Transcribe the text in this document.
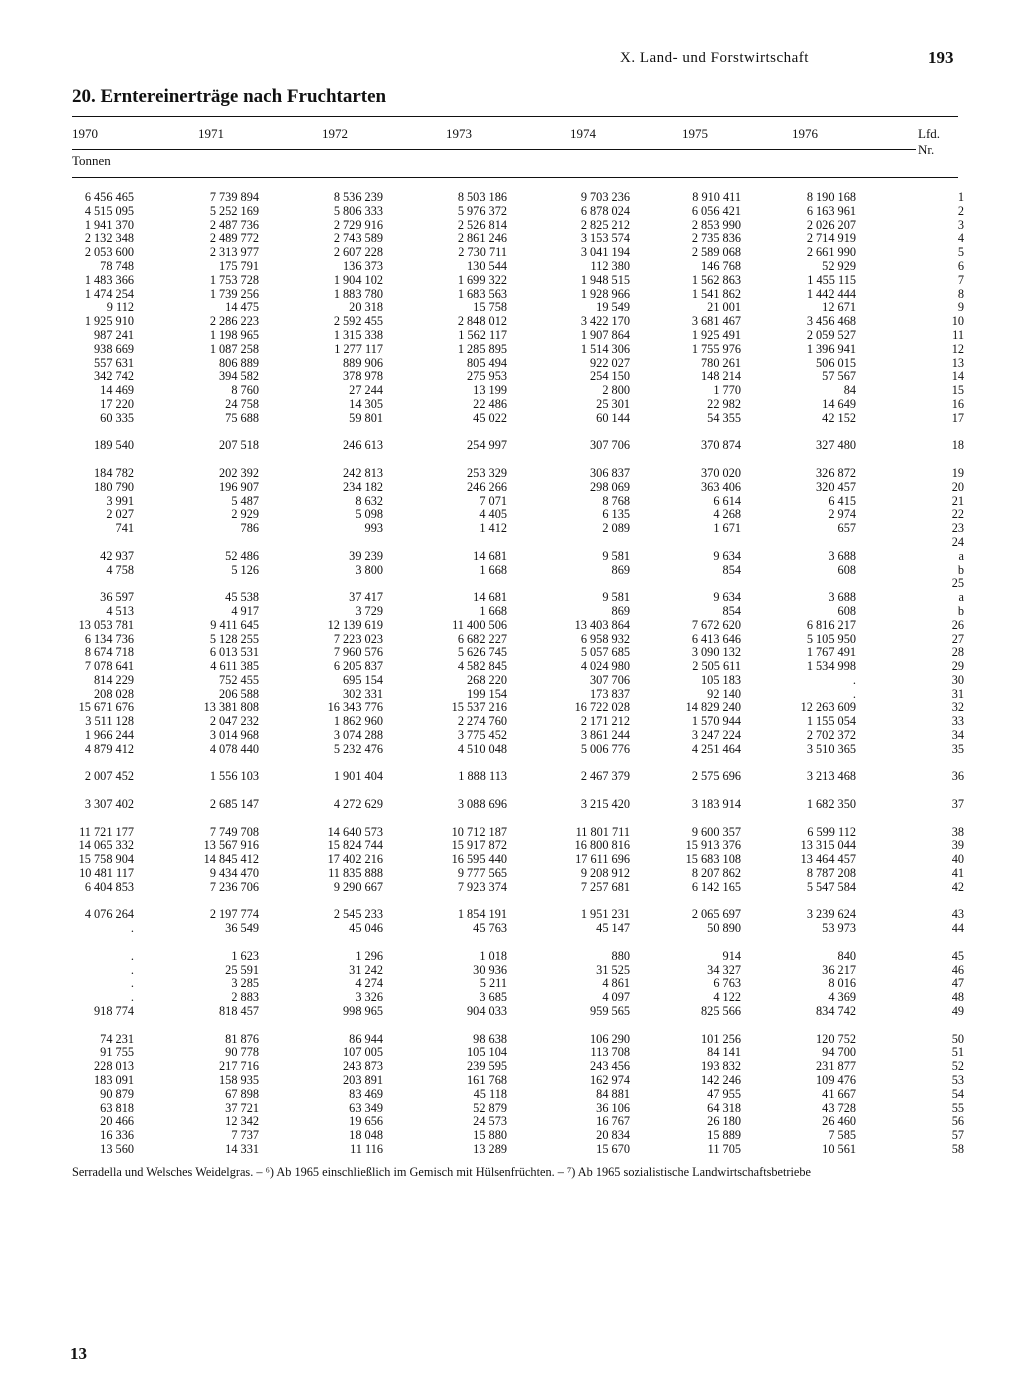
X. Land- und Forstwirtschaft	193
20. Erntereinerträge nach Fruchtarten
1970	1971	1972	1973	1974	1975	1976	Lfd.
Nr.
Tonnen
6 456 465	7 739 894	8 536 239	8 503 186	9 703 236	8 910 411	8 190 168	1
4 515 095	5 252 169	5 806 333	5 976 372	6 878 024	6 056 421	6 163 961	2
1 941 370	2 487 736	2 729 916	2 526 814	2 825 212	2 853 990	2 026 207	3
2 132 348	2 489 772	2 743 589	2 861 246	3 153 574	2 735 836	2 714 919	4
2 053 600	2 313 977	2 607 228	2 730 711	3 041 194	2 589 068	2 661 990	5
78 748	175 791	136 373	130 544	112 380	146 768	52 929	6
1 483 366	1 753 728	1 904 102	1 699 322	1 948 515	1 562 863	1 455 115	7
1 474 254	1 739 256	1 883 780	1 683 563	1 928 966	1 541 862	1 442 444	8
9 112	14 475	20 318	15 758	19 549	21 001	12 671	9
1 925 910	2 286 223	2 592 455	2 848 012	3 422 170	3 681 467	3 456 468	10
987 241	1 198 965	1 315 338	1 562 117	1 907 864	1 925 491	2 059 527	11
938 669	1 087 258	1 277 117	1 285 895	1 514 306	1 755 976	1 396 941	12
557 631	806 889	889 906	805 494	922 027	780 261	506 015	13
342 742	394 582	378 978	275 953	254 150	148 214	57 567	14
14 469	8 760	27 244	13 199	2 800	1 770	84	15
17 220	24 758	14 305	22 486	25 301	22 982	14 649	16
60 335	75 688	59 801	45 022	60 144	54 355	42 152	17

189 540	207 518	246 613	254 997	307 706	370 874	327 480	18

184 782	202 392	242 813	253 329	306 837	370 020	326 872	19
180 790	196 907	234 182	246 266	298 069	363 406	320 457	20
3 991	5 487	8 632	7 071	8 768	6 614	6 415	21
2 027	2 929	5 098	4 405	6 135	4 268	2 974	22
741	786	993	1 412	2 089	1 671	657	23
							24
42 937	52 486	39 239	14 681	9 581	9 634	3 688	a
4 758	5 126	3 800	1 668	869	854	608	b
							25
36 597	45 538	37 417	14 681	9 581	9 634	3 688	a
4 513	4 917	3 729	1 668	869	854	608	b
13 053 781	9 411 645	12 139 619	11 400 506	13 403 864	7 672 620	6 816 217	26
6 134 736	5 128 255	7 223 023	6 682 227	6 958 932	6 413 646	5 105 950	27
8 674 718	6 013 531	7 960 576	5 626 745	5 057 685	3 090 132	1 767 491	28
7 078 641	4 611 385	6 205 837	4 582 845	4 024 980	2 505 611	1 534 998	29
814 229	752 455	695 154	268 220	307 706	105 183	.	30
208 028	206 588	302 331	199 154	173 837	92 140	.	31
15 671 676	13 381 808	16 343 776	15 537 216	16 722 028	14 829 240	12 263 609	32
3 511 128	2 047 232	1 862 960	2 274 760	2 171 212	1 570 944	1 155 054	33
1 966 244	3 014 968	3 074 288	3 775 452	3 861 244	3 247 224	2 702 372	34
4 879 412	4 078 440	5 232 476	4 510 048	5 006 776	4 251 464	3 510 365	35

2 007 452	1 556 103	1 901 404	1 888 113	2 467 379	2 575 696	3 213 468	36

3 307 402	2 685 147	4 272 629	3 088 696	3 215 420	3 183 914	1 682 350	37

11 721 177	7 749 708	14 640 573	10 712 187	11 801 711	9 600 357	6 599 112	38
14 065 332	13 567 916	15 824 744	15 917 872	16 800 816	15 913 376	13 315 044	39
15 758 904	14 845 412	17 402 216	16 595 440	17 611 696	15 683 108	13 464 457	40
10 481 117	9 434 470	11 835 888	9 777 565	9 208 912	8 207 862	8 787 208	41
6 404 853	7 236 706	9 290 667	7 923 374	7 257 681	6 142 165	5 547 584	42

4 076 264	2 197 774	2 545 233	1 854 191	1 951 231	2 065 697	3 239 624	43
.	36 549	45 046	45 763	45 147	50 890	53 973	44

.	1 623	1 296	1 018	880	914	840	45
.	25 591	31 242	30 936	31 525	34 327	36 217	46
.	3 285	4 274	5 211	4 861	6 763	8 016	47
.	2 883	3 326	3 685	4 097	4 122	4 369	48
918 774	818 457	998 965	904 033	959 565	825 566	834 742	49

74 231	81 876	86 944	98 638	106 290	101 256	120 752	50
91 755	90 778	107 005	105 104	113 708	84 141	94 700	51
228 013	217 716	243 873	239 595	243 456	193 832	231 877	52
183 091	158 935	203 891	161 768	162 974	142 246	109 476	53
90 879	67 898	83 469	45 118	84 881	47 955	41 667	54
63 818	37 721	63 349	52 879	36 106	64 318	43 728	55
20 466	12 342	19 656	24 573	16 767	26 180	26 460	56
16 336	7 737	18 048	15 880	20 834	15 889	7 585	57
13 560	14 331	11 116	13 289	15 670	11 705	10 561	58
Serradella und Welsches Weidelgras. – ⁶) Ab 1965 einschließlich im Gemisch mit Hülsenfrüchten. – ⁷) Ab 1965 sozialistische Landwirtschaftsbetriebe
13
